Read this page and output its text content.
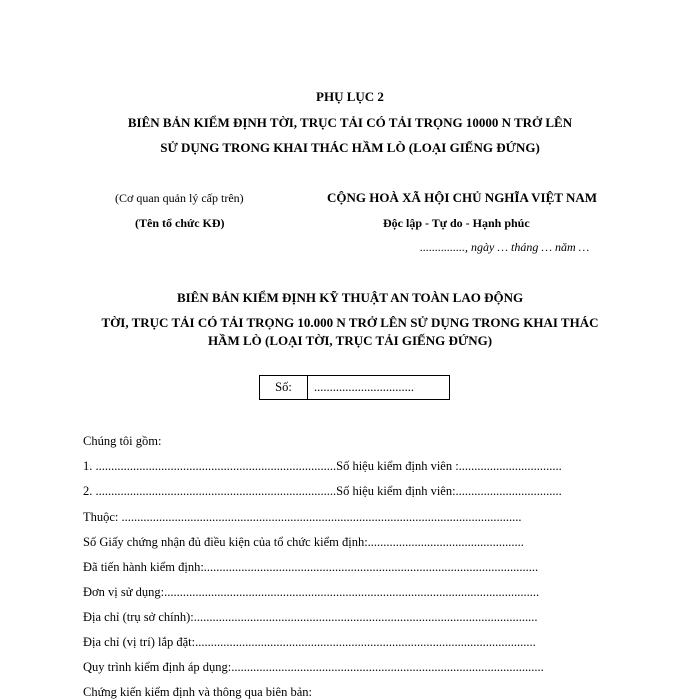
PHỤ LỤC 2
BIÊN BẢN KIỂM ĐỊNH TỜI, TRỤC TẢI CÓ TẢI TRỌNG 10000 N TRỞ LÊN
SỬ DỤNG TRONG KHAI THÁC HẦM LÒ (LOẠI GIẾNG ĐỨNG)
(Cơ quan quản lý cấp trên)
(Tên tổ chức KĐ)
CỘNG HOÀ XÃ HỘI CHỦ NGHĨA VIỆT NAM
Độc lập - Tự do - Hạnh phúc
..............., ngày … tháng … năm …
BIÊN BẢN KIỂM ĐỊNH KỸ THUẬT AN TOÀN LAO ĐỘNG
TỜI, TRỤC TẢI CÓ TẢI TRỌNG 10.000 N TRỞ LÊN SỬ DỤNG TRONG KHAI THÁC
HẦM LÒ (LOẠI TỜI, TRỤC TẢI GIẾNG ĐỨNG)
Số:	................................
Chúng tôi gồm:
1. .............................................................................Số hiệu kiểm định viên :.................................
2. .............................................................................Số hiệu kiểm định viên:..................................
Thuộc: ................................................................................................................................
Số Giấy chứng nhận đủ điều kiện của tổ chức kiểm định:..................................................
Đã tiến hành kiểm định:...........................................................................................................
Đơn vị sử dụng:........................................................................................................................
Địa chỉ (trụ sở chính):..............................................................................................................
Địa chỉ (vị trí) lắp đặt:.............................................................................................................
Quy trình kiểm định áp dụng:....................................................................................................
Chứng kiến kiểm định và thông qua biên bản:
